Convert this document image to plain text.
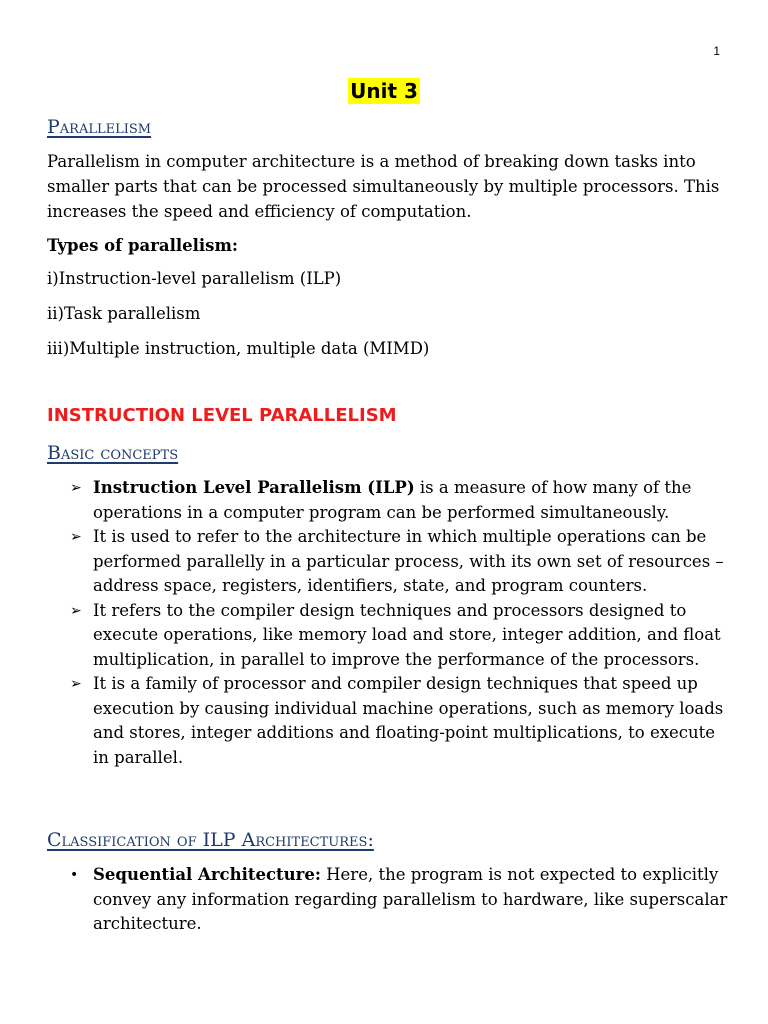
1
Unit 3
Parallelism

Parallelism in computer architecture is a method of breaking down tasks into smaller parts that can be processed simultaneously by multiple processors. This increases the speed and efficiency of computation.

Types of parallelism:
i)Instruction-level parallelism (ILP)
ii)Task parallelism
iii)Multiple instruction, multiple data (MIMD)
INSTRUCTION LEVEL PARALLELISM
Basic concepts
➢ Instruction Level Parallelism (ILP) is a measure of how many of the operations in a computer program can be performed simultaneously.
➢ It is used to refer to the architecture in which multiple operations can be performed parallelly in a particular process, with its own set of resources – address space, registers, identifiers, state, and program counters.
➢ It refers to the compiler design techniques and processors designed to execute operations, like memory load and store, integer addition, and float multiplication, in parallel to improve the performance of the processors.
➢ It is a family of processor and compiler design techniques that speed up execution by causing individual machine operations, such as memory loads and stores, integer additions and floating-point multiplications, to execute in parallel.
Classification of ILP Architectures:
• Sequential Architecture: Here, the program is not expected to explicitly convey any information regarding parallelism to hardware, like superscalar architecture.
